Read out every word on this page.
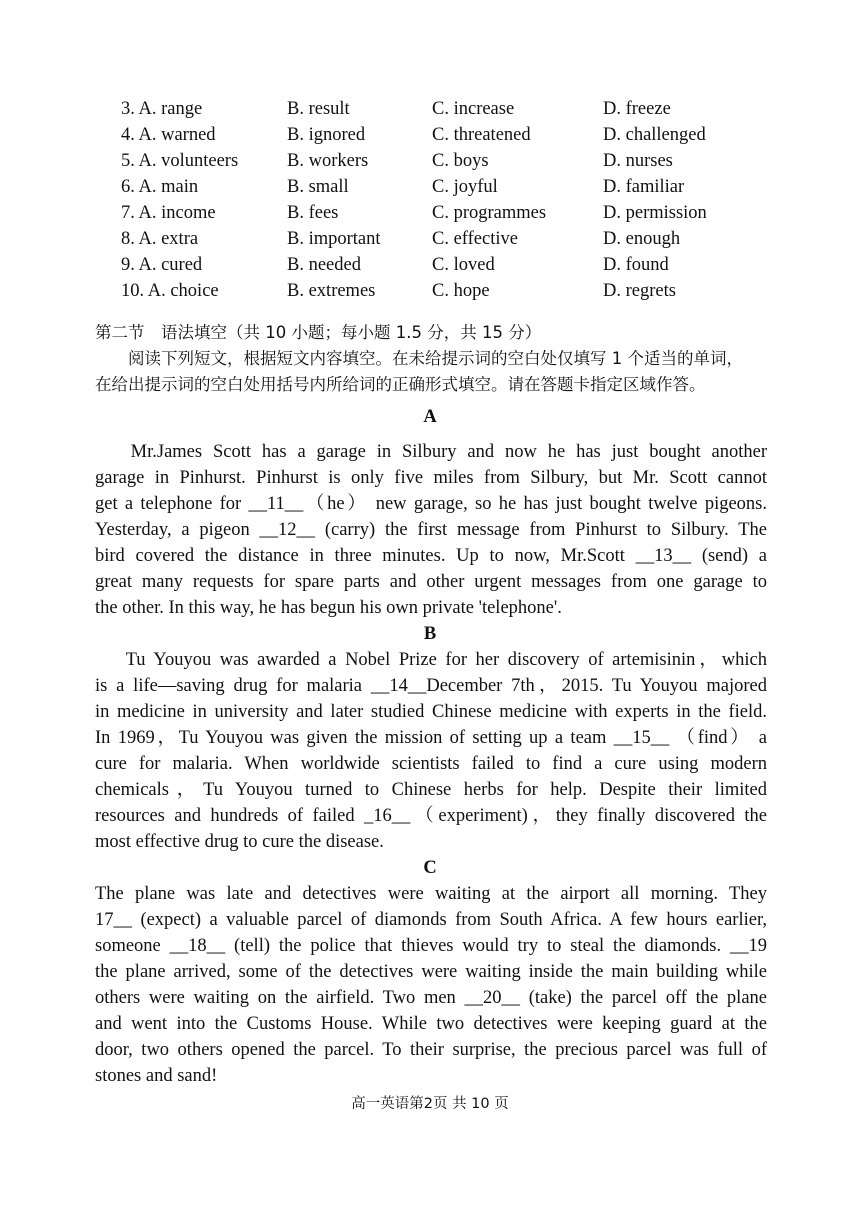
3. A. range	B. result	C. increase	D. freeze
4. A. warned	B. ignored	C. threatened	D. challenged
5. A. volunteers	B. workers	C. boys	D. nurses
6. A. main	B. small	C. joyful	D. familiar
7. A. income	B. fees	C. programmes	D. permission
8. A. extra	B. important	C. effective	D. enough
9. A. cured	B. needed	C. loved	D. found
10. A. choice	B. extremes	C. hope	D. regrets
第二节　语法填空（共 10 小题；每小题 1.5 分，共 15 分）

阅读下列短文，根据短文内容填空。在未给提示词的空白处仅填写 1 个适当的单词，

在给出提示词的空白处用括号内所给词的正确形式填空。请在答题卡指定区域作答。

A
　 Mr.James Scott has a garage in Silbury and now he has just bought another
garage in Pinhurst. Pinhurst is only five miles from Silbury, but Mr. Scott cannot
get a telephone for __11__（he） new garage, so he has just bought twelve pigeons.
Yesterday, a pigeon __12__ (carry) the first message from Pinhurst to Silbury. The
bird covered the distance in three minutes. Up to now, Mr.Scott __13__ (send) a
great many requests for spare parts and other urgent messages from one garage to
the other. In this way, he has begun his own private 'telephone'.
B
　 Tu Youyou was awarded a Nobel Prize for her discovery of artemisinin，which
is a life—saving drug for malaria __14__December 7th，2015. Tu Youyou majored
in medicine in university and later studied Chinese medicine with experts in the field.
In 1969，Tu Youyou was given the mission of setting up a team __15__ （find） a
cure for malaria. When worldwide scientists failed to find a cure using modern
chemicals，Tu Youyou turned to Chinese herbs for help. Despite their limited
resources and hundreds of failed _16__（experiment)，they finally discovered the
most effective drug to cure the disease.
C
The plane was late and detectives were waiting at the airport all morning. They
17__ (expect) a valuable parcel of diamonds from South Africa. A few hours earlier,
someone __18__ (tell) the police that thieves would try to steal the diamonds. __19
the plane arrived, some of the detectives were waiting inside the main building while
others were waiting on the airfield. Two men __20__ (take) the parcel off the plane
and went into the Customs House. While two detectives were keeping guard at the
door, two others opened the parcel. To their surprise, the precious parcel was full of
stones and sand!
高一英语第2页 共 10 页
